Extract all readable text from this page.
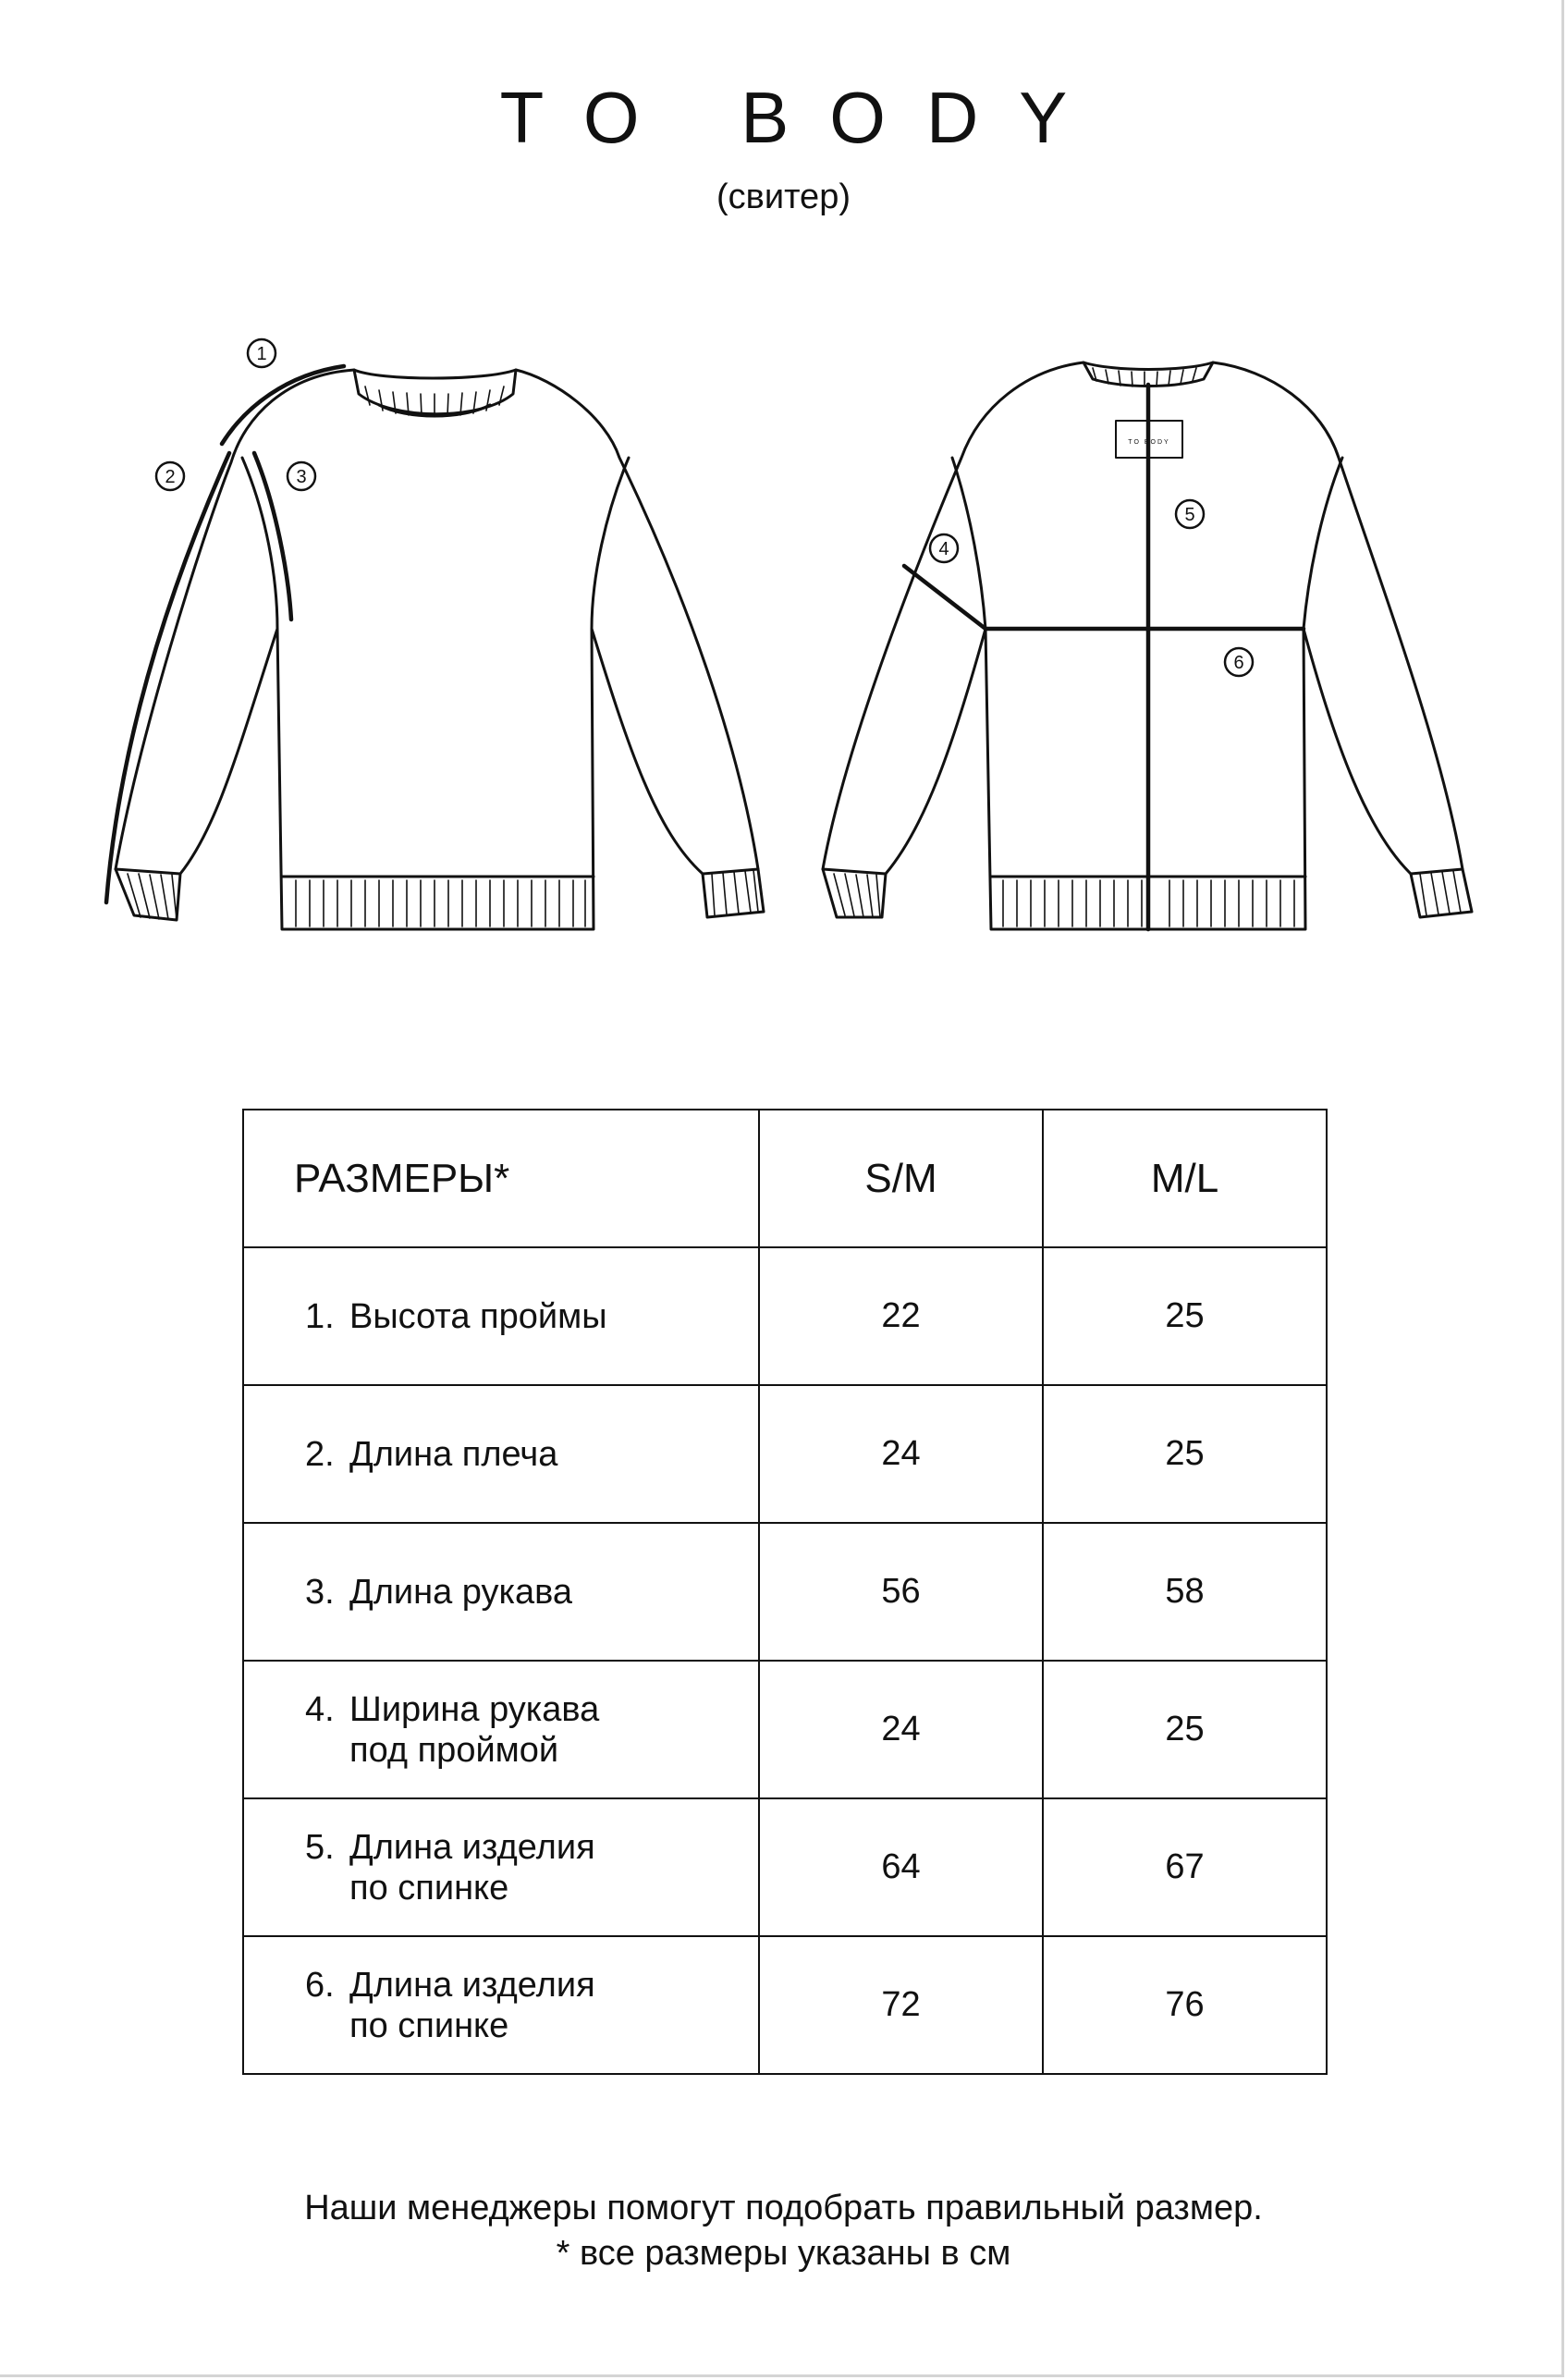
TO BODY
(свитер)
1
2	3
4
5
6
TO BODY
РАЗМЕРЫ*	S/M	M/L
1. Высота проймы	22	25
2. Длина плеча	24	25
3. Длина рукава	56	58
4. Ширина рукава
под проймой	24	25
5. Длина изделия
по спинке	64	67
6. Длина изделия
по спинке	72	76
Наши менеджеры помогут подобрать правильный размер.
* все размеры указаны в см
